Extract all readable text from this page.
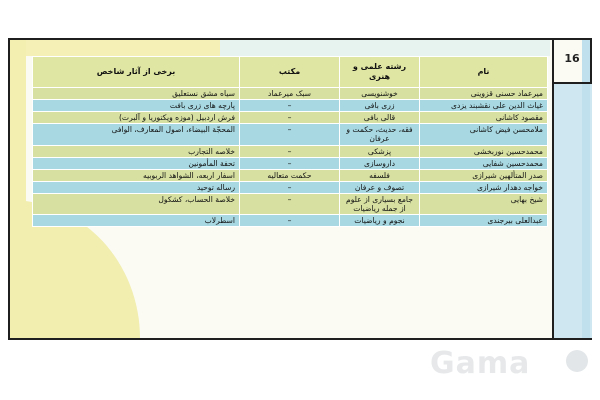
16
نام	رشته علمی و هنری	مکتب	برخی از آثار شاخص
میرعماد حسنی قزوینی	خوشنویسی	سبک میرعماد	سیاه مشق نستعلیق
غیاث الدین علی نقشبند یزدی	زری بافی	–	پارچه های زری بافت
مقصود کاشانی	قالی بافی	–	فرش اردبیل (موزه ویکتوریا و آلبرت)
ملامحسن فیض کاشانی	فقه، حدیث، حکمت و عرفان	–	المحجّة البیضاء، اصول المعارف، الوافی
محمدحسین نوربخشی	پزشکی	–	خلاصه التجارب
محمدحسین شفایی	داروسازی	–	تحفة المأمونین
صدر المتألهین شیرازی	فلسفه	حکمت متعالیه	اسفار اربعه، الشواهد الربوبیه
خواجه دهدار شیرازی	تصوف و عرفان	–	رساله توحید
شیخ بهایی	جامع بسیاری از علوم از جمله ریاضیات	–	خلاصة الحساب، کشکول
عبدالعلی بیرجندی	نجوم و ریاضیات	–	اسطرلاب
Gama
